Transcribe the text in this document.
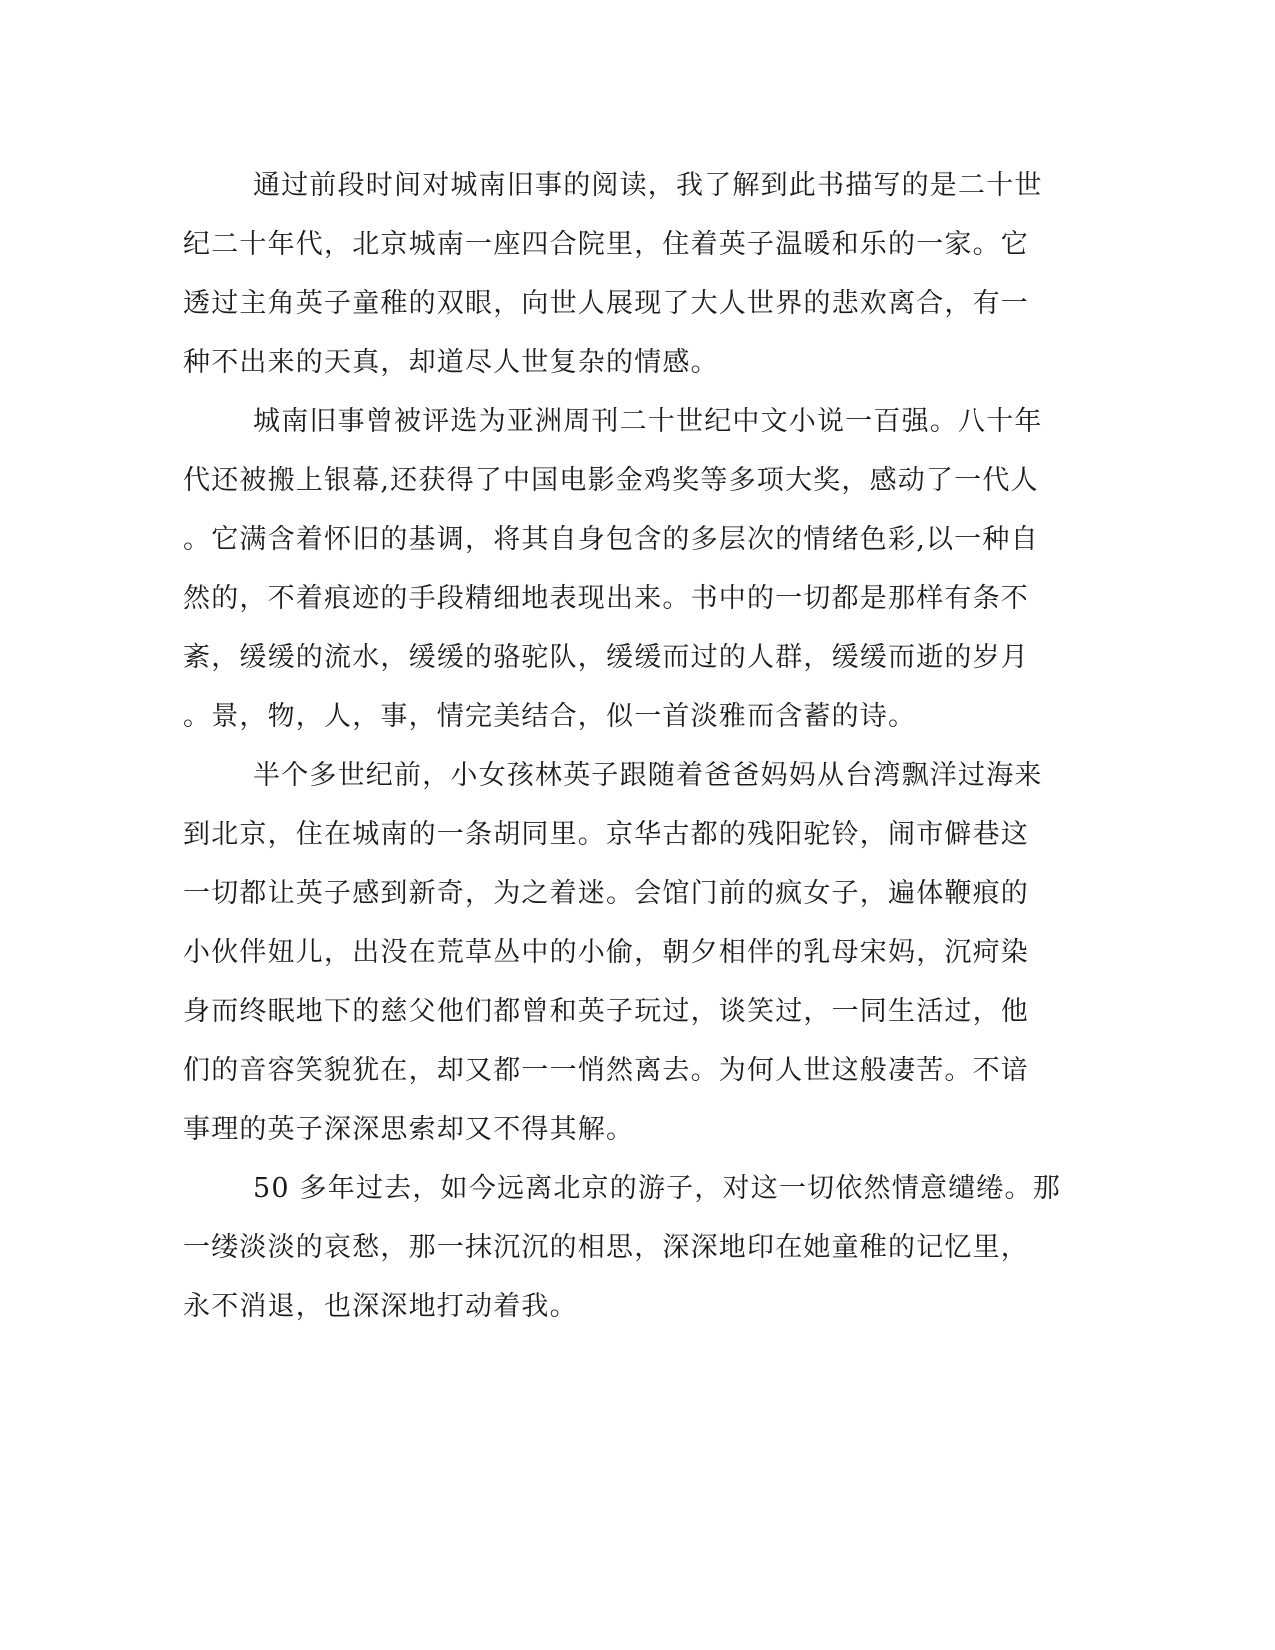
通过前段时间对城南旧事的阅读，我了解到此书描写的是二十世
纪二十年代，北京城南一座四合院里，住着英子温暖和乐的一家。它
透过主角英子童稚的双眼，向世人展现了大人世界的悲欢离合，有一
种不出来的天真，却道尽人世复杂的情感。
城南旧事曾被评选为亚洲周刊二十世纪中文小说一百强。八十年
代还被搬上银幕,还获得了中国电影金鸡奖等多项大奖，感动了一代人
。它满含着怀旧的基调，将其自身包含的多层次的情绪色彩,以一种自
然的，不着痕迹的手段精细地表现出来。书中的一切都是那样有条不
紊，缓缓的流水，缓缓的骆驼队，缓缓而过的人群，缓缓而逝的岁月
。景，物，人，事，情完美结合，似一首淡雅而含蓄的诗。
半个多世纪前，小女孩林英子跟随着爸爸妈妈从台湾飘洋过海来
到北京，住在城南的一条胡同里。京华古都的残阳驼铃，闹市僻巷这
一切都让英子感到新奇，为之着迷。会馆门前的疯女子，遍体鞭痕的
小伙伴妞儿，出没在荒草丛中的小偷，朝夕相伴的乳母宋妈，沉疴染
身而终眠地下的慈父他们都曾和英子玩过，谈笑过，一同生活过，他
们的音容笑貌犹在，却又都一一悄然离去。为何人世这般凄苦。不谙
事理的英子深深思索却又不得其解。
50 多年过去，如今远离北京的游子，对这一切依然情意缱绻。那
一缕淡淡的哀愁，那一抹沉沉的相思，深深地印在她童稚的记忆里，
永不消退，也深深地打动着我。
